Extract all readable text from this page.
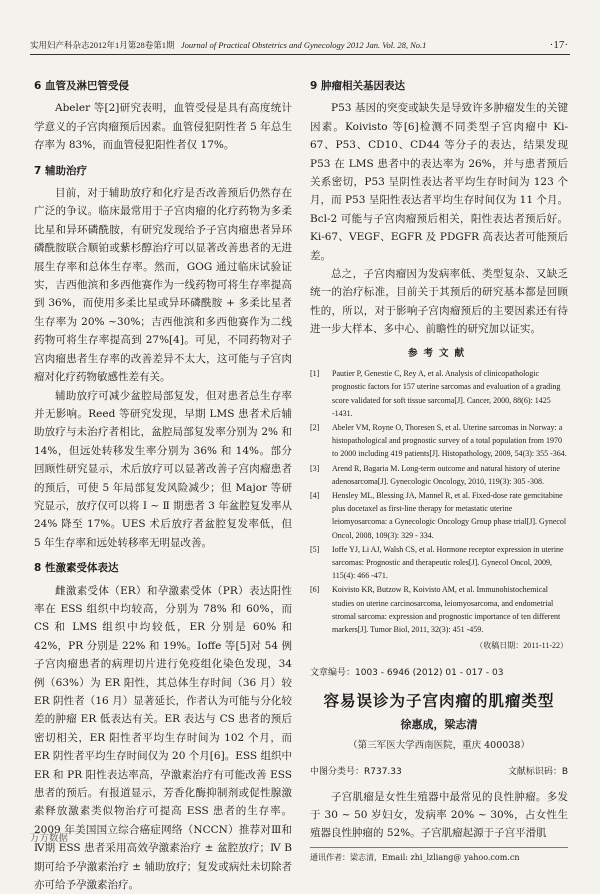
实用妇产科杂志2012年1月第28卷第1期 Journal of Practical Obstetrics and Gynecology 2012 Jan. Vol. 28, No.1	·17·
6 血管及淋巴管受侵

Abeler 等[2]研究表明，血管受侵是具有高度统计学意义的子宫肉瘤预后因素。血管侵犯阴性者 5 年总生存率为 83%，而血管侵犯阳性者仅 17%。

7 辅助治疗

目前，对于辅助放疗和化疗是否改善预后仍然存在广泛的争议。临床最常用于子宫肉瘤的化疗药物为多柔比星和异环磷酰胺，有研究发现给予子宫肉瘤患者异环磷酰胺联合顺铂或紫杉醇治疗可以显著改善患者的无进展生存率和总体生存率。然而，GOG 通过临床试验证实，吉西他滨和多西他赛作为一线药物可将生存率提高到 36%，而使用多柔比星或异环磷酰胺 + 多柔比星者生存率为 20% ~30%；吉西他滨和多西他赛作为二线药物可将生存率提高到 27%[4]。可见，不同药物对子宫肉瘤患者生存率的改善差异不太大，这可能与子宫肉瘤对化疗药物敏感性差有关。

辅助放疗可减少盆腔局部复发，但对患者总生存率并无影响。Reed 等研究发现，早期 LMS 患者术后辅助放疗与未治疗者相比，盆腔局部复发率分别为 2% 和 14%，但远处转移发生率分别为 36% 和 14%。部分回顾性研究显示，术后放疗可以显著改善子宫肉瘤患者的预后，可使 5 年局部复发风险减少；但 Major 等研究显示，放疗仅可以将 Ⅰ ~ Ⅱ 期患者 3 年盆腔复发率从 24% 降至 17%。UES 术后放疗者盆腔复发率低，但 5 年生存率和远处转移率无明显改善。

8 性激素受体表达

雌激素受体（ER）和孕激素受体（PR）表达阳性率在 ESS 组织中均较高，分别为 78% 和 60%，而 CS 和 LMS 组织中均较低，ER 分别是 60% 和 42%，PR 分别是 22% 和 19%。Ioffe 等[5]对 54 例子宫肉瘤患者的病理切片进行免疫组化染色发现，34 例（63%）为 ER 阳性，其总体生存时间（36 月）较 ER 阴性者（16 月）显著延长，作者认为可能与分化较差的肿瘤 ER 低表达有关。ER 表达与 CS 患者的预后密切相关，ER 阳性者平均生存时间为 102 个月，而 ER 阴性者平均生存时间仅为 20 个月[6]。ESS 组织中 ER 和 PR 阳性表达率高，孕激素治疗有可能改善 ESS 患者的预后。有报道显示，芳香化酶抑制剂或促性腺激素释放激素类似物治疗可提高 ESS 患者的生存率。2009 年美国国立综合癌症网络（NCCN）推荐对Ⅲ和Ⅳ期 ESS 患者采用高效孕激素治疗 ± 盆腔放疗；Ⅳ B 期可给予孕激素治疗 ± 辅助放疗；复发或病灶未切除者亦可给予孕激素治疗。

9 肿瘤相关基因表达

P53 基因的突变或缺失是导致许多肿瘤发生的关键因素。Koivisto 等[6]检测不同类型子宫肉瘤中 Ki-67、P53、CD10、CD44 等分子的表达，结果发现 P53 在 LMS 患者中的表达率为 26%，并与患者预后关系密切，P53 呈阴性表达者平均生存时间为 123 个月，而 P53 呈阳性表达者平均生存时间仅为 11 个月。Bcl-2 可能与子宫肉瘤预后相关，阳性表达者预后好。Ki-67、VEGF、EGFR 及 PDGFR 高表达者可能预后差。

总之，子宫肉瘤因为发病率低、类型复杂、又缺乏统一的治疗标准，目前关于其预后的研究基本都是回顾性的，所以，对于影响子宫肉瘤预后的主要因素还有待进一步大样本、多中心、前瞻性的研究加以证实。

参考文献
[1] Pautier P, Genestie C, Rey A, et al. Analysis of clinicopathologic prognostic factors for 157 uterine sarcomas and evaluation of a grading score validated for soft tissue sarcoma[J]. Cancer, 2000, 88(6): 1425 -1431.
[2] Abeler VM, Royne O, Thoresen S, et al. Uterine sarcomas in Norway: a histopathological and prognostic survey of a total population from 1970 to 2000 including 419 patients[J]. Histopathology, 2009, 54(3): 355 -364.
[3] Arend R, Bagaria M. Long-term outcome and natural history of uterine adenosarcoma[J]. Gynecologic Oncology, 2010, 119(3): 305 -308.
[4] Hensley ML, Blessing JA, Mannel R, et al. Fixed-dose rate gemcitabine plus docetaxel as first-line therapy for metastatic uterine leiomyosarcoma: a Gynecologic Oncology Group phase trial[J]. Gynecol Oncol, 2008, 109(3): 329 - 334.
[5] Ioffe YJ, Li AJ, Walsh CS, et al. Hormone receptor expression in uterine sarcomas: Prognostic and therapeutic roles[J]. Gynecol Oncol, 2009, 115(4): 466 -471.
[6] Koivisto KR, Butzow R, Koivisto AM, et al. Immunohistochemical studies on uterine carcinosarcoma, leiomyosarcoma, and endometrial stromal sarcoma: expression and prognostic importance of ten different markers[J]. Tumor Biol, 2011, 32(3): 451 -459.
（收稿日期：2011-11-22）
文章编号：1003 - 6946 (2012) 01 - 017 - 03
容易误诊为子宫肉瘤的肌瘤类型
徐惠成，梁志清
（第三军医大学西南医院，重庆 400038）
中图分类号：R737.33	文献标识码：B

子宫肌瘤是女性生殖器中最常见的良性肿瘤。多发于 30 ~ 50 岁妇女，发病率 20% ~ 30%，占女性生殖器良性肿瘤的 52%。子宫肌瘤起源于子宫平滑肌

通讯作者：梁志清，Email: zhi_lzliang@ yahoo.com.cn
万方数据
